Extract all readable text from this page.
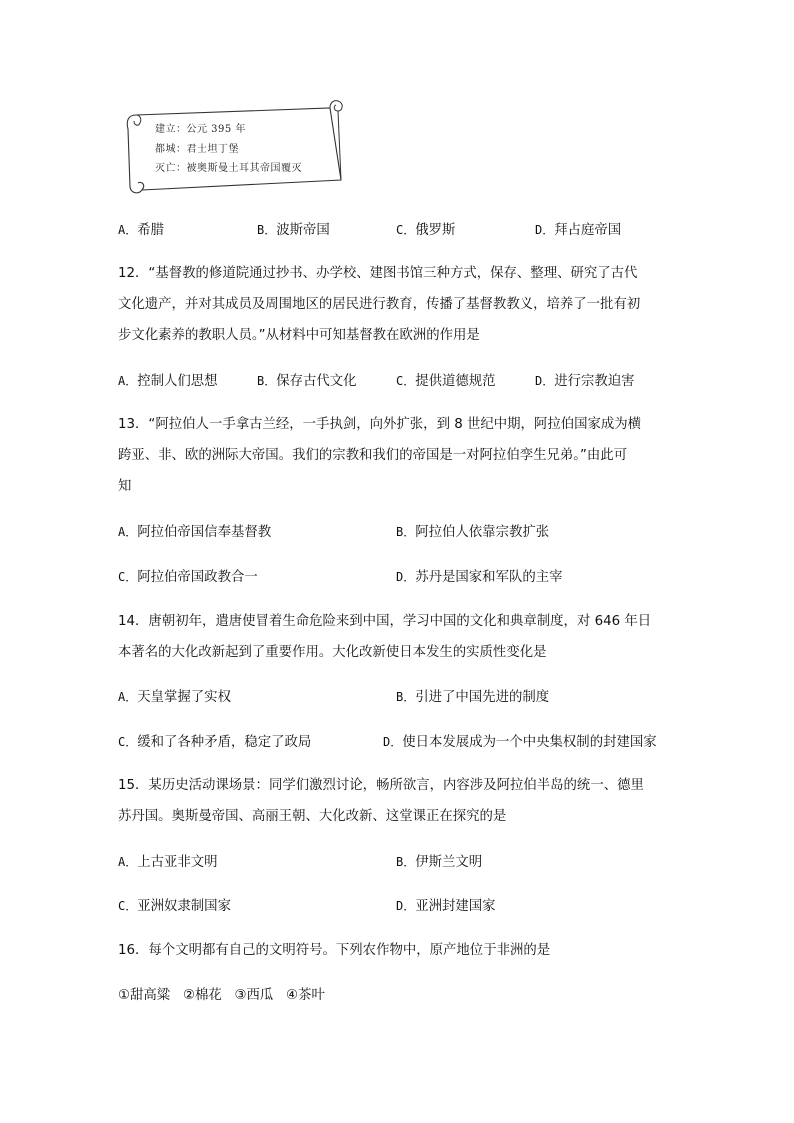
建立：公元 395 年
都城：君士坦丁堡
灭亡：被奥斯曼土耳其帝国覆灭
A．希腊	B．波斯帝国	C．俄罗斯	D．拜占庭帝国
12．“基督教的修道院通过抄书、办学校、建图书馆三种方式，保存、整理、研究了古代
文化遗产，并对其成员及周围地区的居民进行教育，传播了基督教教义，培养了一批有初
步文化素养的教职人员。”从材料中可知基督教在欧洲的作用是
A．控制人们思想	B．保存古代文化	C．提供道德规范	D．进行宗教迫害
13．“阿拉伯人一手拿古兰经，一手执剑，向外扩张，到 8 世纪中期，阿拉伯国家成为横
跨亚、非、欧的洲际大帝国。我们的宗教和我们的帝国是一对阿拉伯孪生兄弟。”由此可
知
A．阿拉伯帝国信奉基督教	B．阿拉伯人依靠宗教扩张
C．阿拉伯帝国政教合一	D．苏丹是国家和军队的主宰
14．唐朝初年，遣唐使冒着生命危险来到中国，学习中国的文化和典章制度，对 646 年日
本著名的大化改新起到了重要作用。大化改新使日本发生的实质性变化是
A．天皇掌握了实权	B．引进了中国先进的制度
C．缓和了各种矛盾，稳定了政局	D．使日本发展成为一个中央集权制的封建国家
15．某历史活动课场景：同学们激烈讨论，畅所欲言，内容涉及阿拉伯半岛的统一、德里
苏丹国。奥斯曼帝国、高丽王朝、大化改新、这堂课正在探究的是
A．上古亚非文明	B．伊斯兰文明
C．亚洲奴隶制国家	D．亚洲封建国家
16．每个文明都有自己的文明符号。下列农作物中，原产地位于非洲的是
①甜高粱   ②棉花   ③西瓜   ④茶叶
